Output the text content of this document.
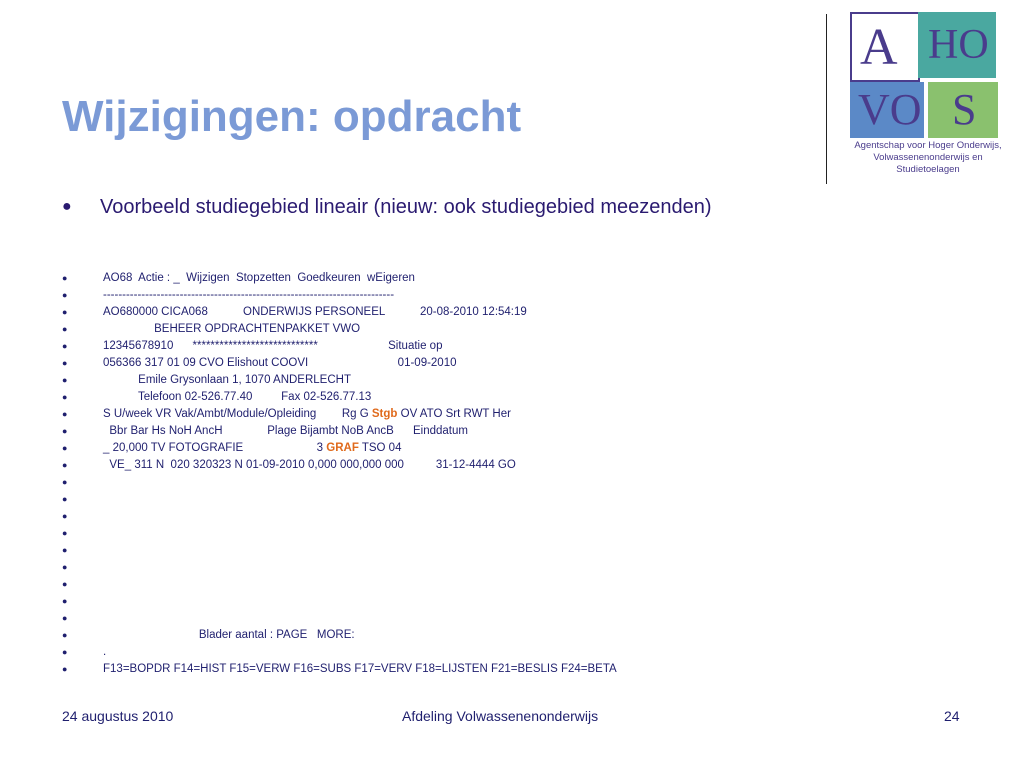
Wijzigingen: opdracht
A HO
VO S
Agentschap voor Hoger Onderwijs,
Volwassenenonderwijs en Studietoelagen
● Voorbeeld studiegebied lineair (nieuw: ook studiegebied meezenden)
●	AO68  Actie : _  Wijzigen  Stopzetten  Goedkeuren  wEigeren
●	----------------------------------------------------------------------------
●	AO680000 CICA068           ONDERWIJS PERSONEEL           20-08-2010 12:54:19
●	BEHEER OPDRACHTENPAKKET VWO
●	12345678910      ****************************                      Situatie op
●	056366 317 01 09 CVO Elishout COOVI                            01-09-2010
●	Emile Grysonlaan 1, 1070 ANDERLECHT
●	Telefoon 02-526.77.40         Fax 02-526.77.13
●	S U/week VR Vak/Ambt/Module/Opleiding        Rg G Stgb OV ATO Srt RWT Her
●	Bbr Bar Hs NoH AncH              Plage Bijambt NoB AncB      Einddatum
●	_ 20,000 TV FOTOGRAFIE                       3 GRAF TSO 04
●	VE_ 311 N  020 320323 N 01-09-2010 0,000 000,000 000          31-12-4444 GO
●
●
●
●
●
●
●
●
●
●	Blader aantal : PAGE   MORE:
●	.
●	F13=BOPDR F14=HIST F15=VERW F16=SUBS F17=VERV F18=LIJSTEN F21=BESLIS F24=BETA
24 augustus 2010	Afdeling Volwassenenonderwijs	24
